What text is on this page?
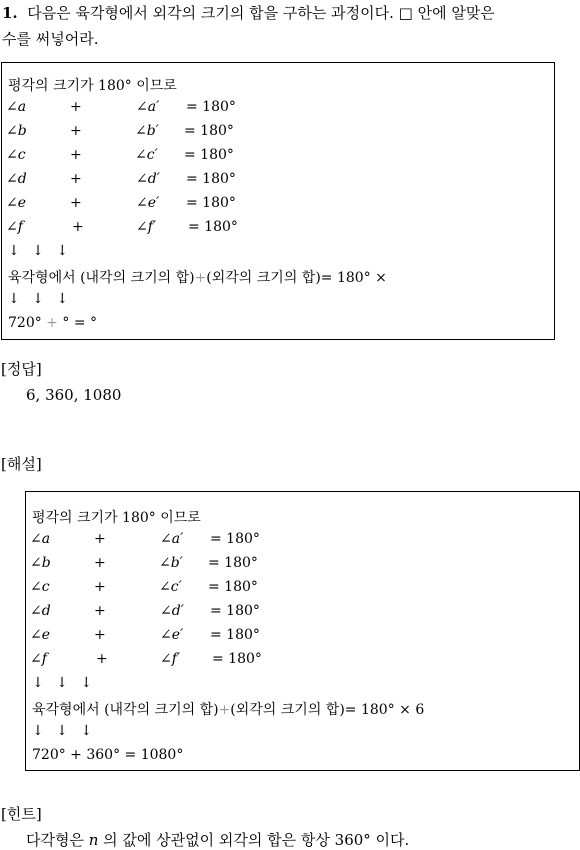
1. 다음은 육각형에서 외각의 크기의 합을 구하는 과정이다. □ 안에 알맞은
수를 써넣어라.
평각의 크기가 180° 이므로
∠a	+	∠a′ = 180°
∠b	+	∠b′ = 180°
∠c	+	∠c′ = 180°
∠d	+	∠d′ = 180°
∠e	+	∠e′ = 180°
∠f	+	∠f′ = 180°
↓ ↓ ↓
육각형에서 (내각의 크기의 합)+(외각의 크기의 합)= 180° ×
↓ ↓ ↓
720° + ° = °
[정답]
6, 360, 1080
[해설]
평각의 크기가 180° 이므로
∠a	+	∠a′ = 180°
∠b	+	∠b′ = 180°
∠c	+	∠c′ = 180°
∠d	+	∠d′ = 180°
∠e	+	∠e′ = 180°
∠f	+	∠f′ = 180°
↓ ↓ ↓
육각형에서 (내각의 크기의 합)+(외각의 크기의 합)= 180° × 6
↓ ↓ ↓
720° + 360° = 1080°
[힌트]
다각형은 n 의 값에 상관없이 외각의 합은 항상 360° 이다.
